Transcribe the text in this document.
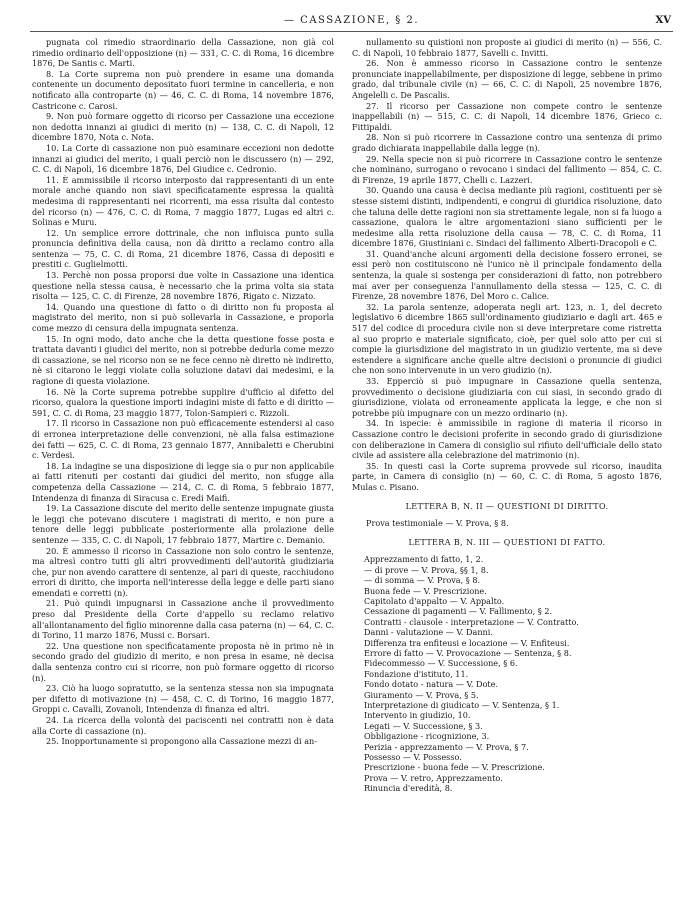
— CASSAZIONE, § 2.	XV

pugnata col rimedio straordinario della Cassazione, non già col rimedio ordinario dell'opposizione (n) — 331, C. C. di Roma, 16 dicembre 1876, De Santis c. Marti.

8. La Corte suprema non può prendere in esame una domanda contenente un documento depositato fuori termine in cancelleria, e non notificato alla controparte (n) — 46, C. C. di Roma, 14 novembre 1876, Castricone c. Carosi.

9. Non può formare oggetto di ricorso per Cassazione una eccezione non dedotta innanzi ai giudici di merito (n) — 138, C. C. di Napoli, 12 dicembre 1870, Nota c. Nota.

10. La Corte di cassazione non può esaminare eccezioni non dedotte innanzi ai giudici del merito, i quali perciò non le discussero (n) — 292, C. C. di Napoli, 16 dicembre 1876, Del Giudice c. Cedronio.

11. È ammissibile il ricorso interposto dai rappresentanti di un ente morale anche quando non siavi specificatamente espressa la qualità medesima di rappresentanti nei ricorrenti, ma essa risulta dal contesto del ricorso (n) — 476, C. C. di Roma, 7 maggio 1877, Lugas ed altri c. Solinas e Muru.

12. Un semplice errore dottrinale, che non influisca punto sulla pronuncia definitiva della causa, non dà diritto a reclamo contro alla sentenza — 75, C. C. di Roma, 21 dicembre 1876, Cassa di depositi e prestiti c. Guglielmotti.

13. Perchè non possa proporsi due volte in Cassazione una identica questione nella stessa causa, è necessario che la prima volta sia stata risolta — 125, C. C. di Firenze, 28 novembre 1876, Rigato c. Nizzato.

14. Quando una questione di fatto o di diritto non fu proposta al magistrato del merito, non si può sollevarla in Cassazione, e proporla come mezzo di censura della impugnata sentenza.

15. In ogni modo, dato anche che la detta questione fosse posta e trattata davanti i giudici del merito, non si potrebbe dedurla come mezzo di cassazione, se nel ricorso non se ne fece cenno nè diretto nè indiretto, nè si citarono le leggi violate colla soluzione datavi dai medesimi, e la ragione di questa violazione.

16. Nè la Corte suprema potrebbe supplire d'ufficio al difetto del ricorso, qualora la questione importi indagini miste di fatto e di diritto — 591, C. C. di Roma, 23 maggio 1877, Tolon-Sampieri c. Rizzoli.

17. Il ricorso in Cassazione non può efficacemente estendersi al caso di erronea interpretazione delle convenzioni, nè alla falsa estimazione dei fatti — 625, C. C. di Roma, 23 gennaio 1877, Annibaletti e Cherubini c. Verdesi.

18. La indagine se una disposizione di legge sia o pur non applicabile ai fatti ritenuti per costanti dai giudici del merito, non sfugge alla competenza della Cassazione — 214, C. C. di Roma, 5 febbraio 1877, Intendenza di finanza di Siracusa c. Eredi Maifi.

19. La Cassazione discute del merito delle sentenze impugnate giusta le leggi che potevano discutere i magistrati di merito, e non pure a tenore delle leggi pubblicate posteriormente alla prolazione delle sentenze — 335, C. C. di Napoli, 17 febbraio 1877, Martire c. Demanio.

20. È ammesso il ricorso in Cassazione non solo contro le sentenze, ma altresì contro tutti gli altri provvedimenti dell'autorità giudiziaria che, pur non avendo carattere di sentenze, al pari di queste, racchiudono errori di diritto, che importa nell'interesse della legge e delle parti siano emendati e corretti (n).

21. Può quindi impugnarsi in Cassazione anche il provvedimento preso dal Presidente della Corte d'appello su reclamo relativo all'allontanamento del figlio minorenne dalla casa paterna (n) — 64, C. C. di Torino, 11 marzo 1876, Mussi c. Borsari.

22. Una questione non specificatamente proposta nè in primo nè in secondo grado del giudizio di merito, e non presa in esame, nè decisa dalla sentenza contro cui si ricorre, non può formare oggetto di ricorso (n).

23. Ciò ha luogo sopratutto, se la sentenza stessa non sia impugnata per difetto di motivazione (n) — 458, C. C. di Torino, 16 maggio 1877, Groppi c. Cavalli, Zovanoli, Intendenza di finanza ed altri.

24. La ricerca della volontà dei paciscenti nei contratti non è data alla Corte di cassazione (n).

25. Inopportunamente si propongono alla Cassazione mezzi di an-

nullamento su quistioni non proposte ai giudici di merito (n) — 556, C. C. di Napoli, 10 febbraio 1877, Savelli c. Invitti.

26. Non è ammesso ricorso in Cassazione contro le sentenze pronunciate inappellabilmente, per disposizione di legge, sebbene in primo grado, dal tribunale civile (n) — 66, C. C. di Napoli, 25 novembre 1876, Angelelli c. De Pascalis.

27. Il ricorso per Cassazione non compete contro le sentenze inappellabili (n) — 515, C. C. di Napoli, 14 dicembre 1876, Grieco c. Fittipaldi.

28. Non si può ricorrere in Cassazione contro una sentenza di primo grado dichiarata inappellabile dalla legge (n).

29. Nella specie non si può ricorrere in Cassazione contro le sentenze che nominano, surrogano o revocano i sindaci del fallimento — 854, C. C. di Firenze, 19 aprile 1877, Chelli c. Lazzeri.

30. Quando una causa è decisa mediante più ragioni, costituenti per sè stesse sistemi distinti, indipendenti, e congrui di giuridica risoluzione, dato che taluna delle dette ragioni non sia strettamente legale, non si fa luogo a cassazione, qualora le altre argomentazioni siano sufficienti per le medesime alla retta risoluzione della causa — 78, C. C. di Roma, 11 dicembre 1876, Giustiniani c. Sindaci del fallimento Alberti-Dracopoli e C.

31. Quand'anche alcuni argomenti della decisione fossero erronei, se essi però non costituiscono nè l'unico nè il principale fondamento della sentenza, la quale si sostenga per considerazioni di fatto, non potrebbero mai aver per conseguenza l'annullamento della stessa — 125, C. C. di Firenze, 28 novembre 1876, Del Moro c. Calice.

32. La parola sentenze, adoperata negli art. 123, n. 1, del decreto legislativo 6 dicembre 1865 sull'ordinamento giudiziario e dagli art. 465 e 517 del codice di procedura civile non si deve interpretare come ristretta al suo proprio e materiale significato, cioè, per quel solo atto per cui si compie la giurisdizione del magistrato in un giudizio vertente, ma si deve estendere a significare anche quelle altre decisioni o pronuncie di giudici che non sono intervenute in un vero giudizio (n).

33. Epperciò si può impugnare in Cassazione quella sentenza, provvedimento o decisione giudiziaria con cui siasi, in secondo grado di giurisdizione, violata od erroneamente applicata la legge, e che non si potrebbe più impugnare con un mezzo ordinario (n).

34. In ispecie: è ammissibile in ragione di materia il ricorso in Cassazione contro le decisioni proferite in secondo grado di giurisdizione con deliberazione in Camera di consiglio sul rifiuto dell'ufficiale dello stato civile ad assistere alla celebrazione del matrimonio (n).

35. In questi casi la Corte suprema provvede sul ricorso, inaudita parte, in Camera di consiglio (n) — 60, C. C. di Roma, 5 agosto 1876, Mulas c. Pisano.

LETTERA B, N. II — QUESTIONI DI DIRITTO.

Prova testimoniale — V. Prova, § 8.

LETTERA B, N. III — QUESTIONI DI FATTO.
Apprezzamento di fatto, 1, 2.
— di prove — V. Prova, §§ 1, 8.
— di somma — V. Prova, § 8.
Buona fede — V. Prescrizione.
Capitolato d'appalto — V. Appalto.
Cessazione di pagamenti — V. Fallimento, § 2.
Contratti - clausole - interpretazione — V. Contratto.
Danni - valutazione — V. Danni.
Differenza tra enfiteusi e locazione — V. Enfiteusi.
Errore di fatto — V. Provocazione — Sentenza, § 8.
Fidecommesso — V. Successione, § 6.
Fondazione d'istituto, 11.
Fondo dotato - natura — V. Dote.
Giuramento — V. Prova, § 5.
Interpretazione di giudicato — V. Sentenza, § 1.
Intervento in giudizio, 10.
Legati — V. Successione, § 3.
Obbligazione - ricognizione, 3.
Perizia - apprezzamento — V. Prova, § 7.
Possesso — V. Possesso.
Prescrizione - buona fede — V. Prescrizione.
Prova — V. retro, Apprezzamento.
Rinuncia d'eredità, 8.
